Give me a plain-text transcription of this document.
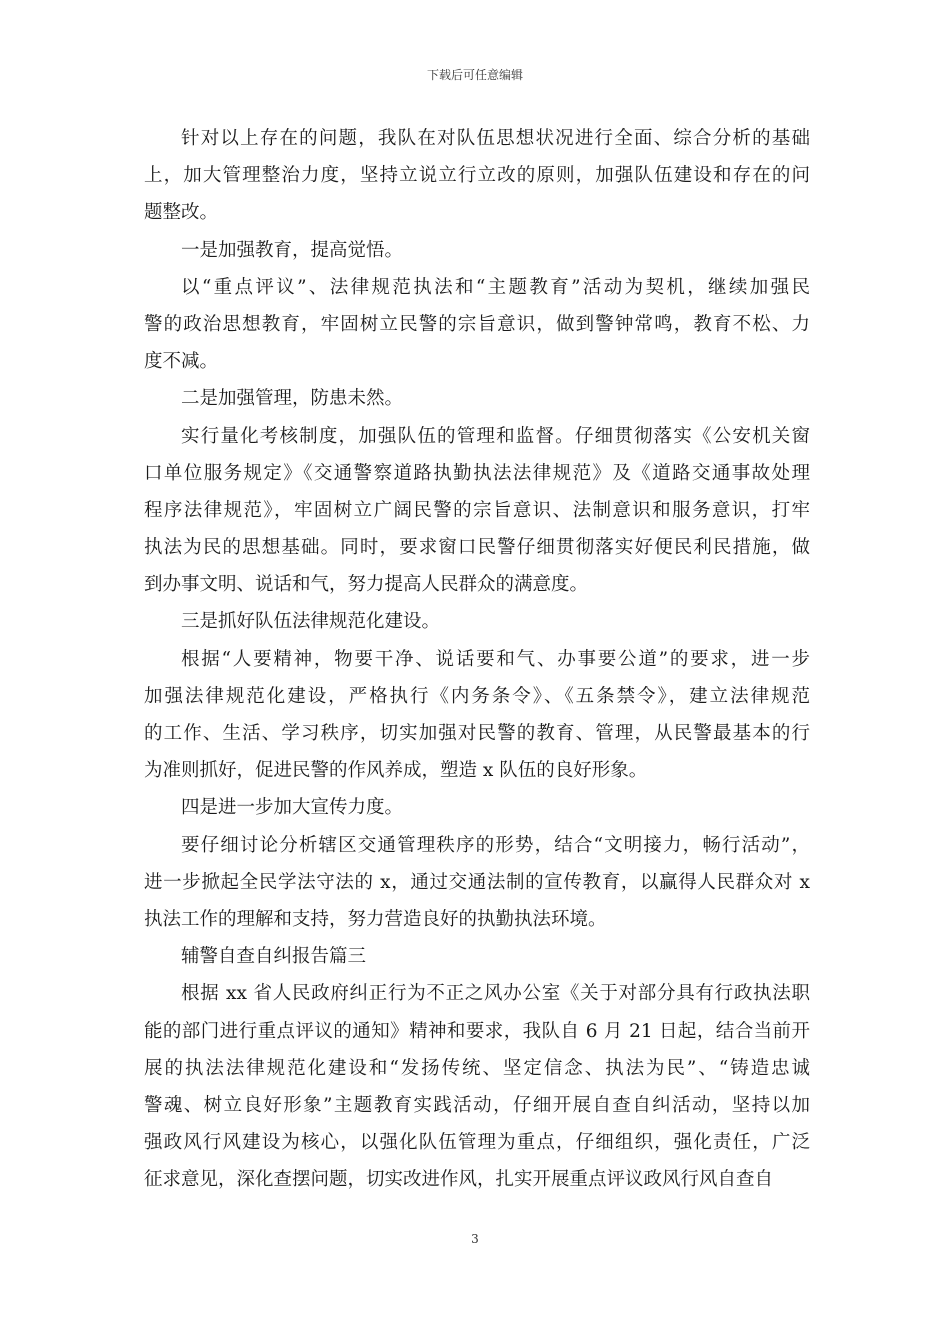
下载后可任意编辑
针对以上存在的问题，我队在对队伍思想状况进行全面、综合分析的基础
上，加大管理整治力度，坚持立说立行立改的原则，加强队伍建设和存在的问
题整改。
一是加强教育，提高觉悟。
以“重点评议”、法律规范执法和“主题教育”活动为契机，继续加强民
警的政治思想教育，牢固树立民警的宗旨意识，做到警钟常鸣，教育不松、力
度不减。
二是加强管理，防患未然。
实行量化考核制度，加强队伍的管理和监督。仔细贯彻落实《公安机关窗
口单位服务规定》《交通警察道路执勤执法法律规范》及《道路交通事故处理
程序法律规范》，牢固树立广阔民警的宗旨意识、法制意识和服务意识，打牢
执法为民的思想基础。同时，要求窗口民警仔细贯彻落实好便民利民措施，做
到办事文明、说话和气，努力提高人民群众的满意度。
三是抓好队伍法律规范化建设。
根据“人要精神，物要干净、说话要和气、办事要公道”的要求，进一步
加强法律规范化建设，严格执行《内务条令》、《五条禁令》，建立法律规范
的工作、生活、学习秩序，切实加强对民警的教育、管理，从民警最基本的行
为准则抓好，促进民警的作风养成，塑造 x 队伍的良好形象。
四是进一步加大宣传力度。
要仔细讨论分析辖区交通管理秩序的形势，结合“文明接力，畅行活动”，
进一步掀起全民学法守法的 x，通过交通法制的宣传教育，以赢得人民群众对 x
执法工作的理解和支持，努力营造良好的执勤执法环境。
辅警自查自纠报告篇三
根据 xx 省人民政府纠正行为不正之风办公室《关于对部分具有行政执法职
能的部门进行重点评议的通知》精神和要求，我队自 6 月 21 日起，结合当前开
展的执法法律规范化建设和“发扬传统、坚定信念、执法为民”、“铸造忠诚
警魂、树立良好形象”主题教育实践活动，仔细开展自查自纠活动，坚持以加
强政风行风建设为核心，以强化队伍管理为重点，仔细组织，强化责任，广泛
征求意见，深化查摆问题，切实改进作风，扎实开展重点评议政风行风自查自
3
